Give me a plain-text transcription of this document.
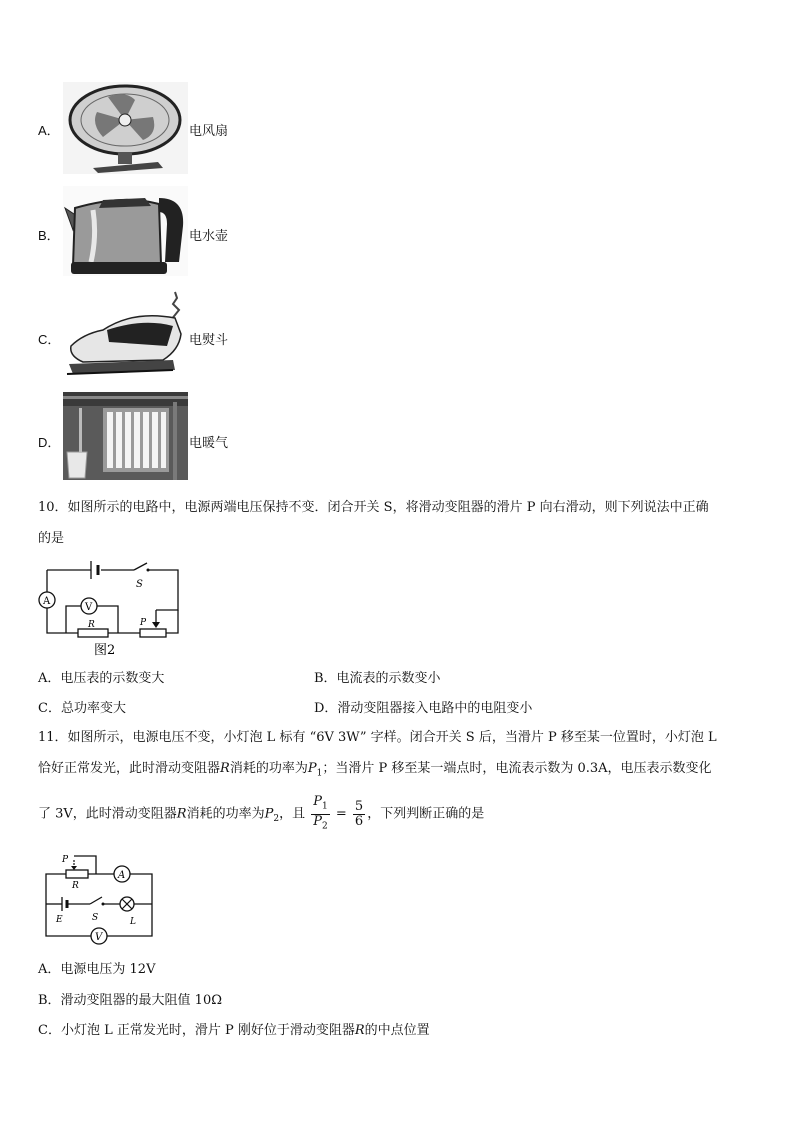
A．	电风扇
B．	电水壶
C．	电熨斗
D．	电暖气
10．如图所示的电路中，电源两端电压保持不变．闭合开关 S，将滑动变阻器的滑片 P 向右滑动，则下列说法中正确
的是
S
A
V
R	P
图2
A．电压表的示数变大	B．电流表的示数变小
C．总功率变大	D．滑动变阻器接入电路中的电阻变小
11．如图所示，电源电压不变，小灯泡 L 标有 “6V 3W” 字样。闭合开关 S 后，当滑片 P 移至某一位置时，小灯泡 L
恰好正常发光，此时滑动变阻器R消耗的功率为$P_1$；当滑片 P 移至某一端点时，电流表示数为 0.3A，电压表示数变化
了 3V，此时滑动变阻器R消耗的功率为$P_2$，且 $\frac{P_1}{P_2} = \frac{5}{6}$ ，下列判断正确的是
P
R
A
E	S	L
V
A．电源电压为 12V
B．滑动变阻器的最大阻值 10Ω
C．小灯泡 L 正常发光时，滑片 P 刚好位于滑动变阻器R的中点位置
